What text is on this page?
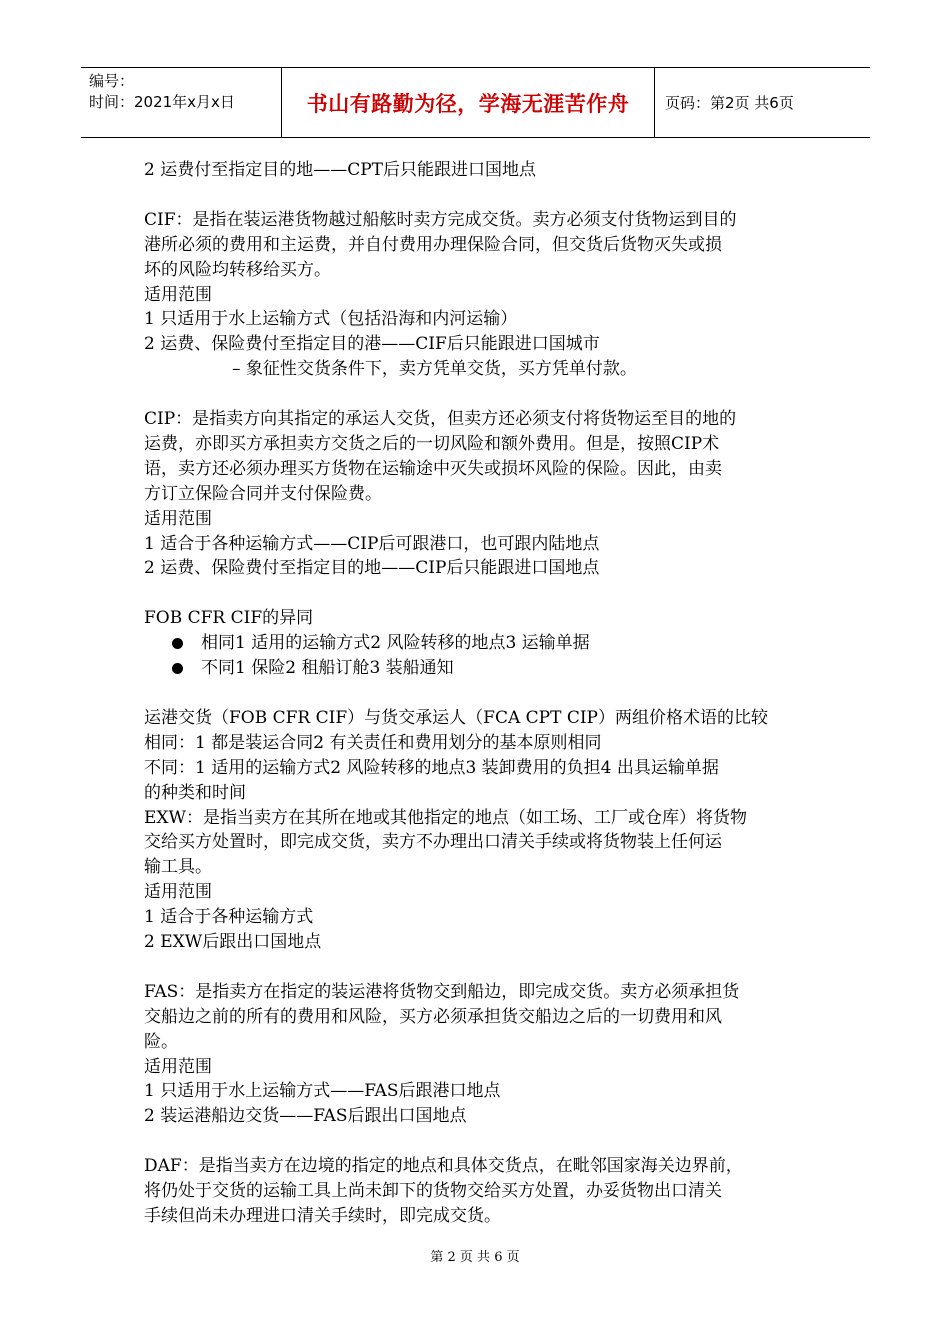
编号：
时间：2021年x月x日	书山有路勤为径，学海无涯苦作舟	页码：第2页 共6页

2 运费付至指定目的地——CPT后只能跟进口国地点

CIF：是指在装运港货物越过船舷时卖方完成交货。卖方必须支付货物运到目的

港所必须的费用和主运费，并自付费用办理保险合同，但交货后货物灭失或损

坏的风险均转移给买方。

适用范围

1 只适用于水上运输方式（包括沿海和内河运输）

2 运费、保险费付至指定目的港——CIF后只能跟进口国城市

– 象征性交货条件下，卖方凭单交货，买方凭单付款。

CIP：是指卖方向其指定的承运人交货，但卖方还必须支付将货物运至目的地的

运费，亦即买方承担卖方交货之后的一切风险和额外费用。但是，按照CIP术

语，卖方还必须办理买方货物在运输途中灭失或损坏风险的保险。因此，由卖

方订立保险合同并支付保险费。

适用范围

1 适合于各种运输方式——CIP后可跟港口，也可跟内陆地点

2 运费、保险费付至指定目的地——CIP后只能跟进口国地点

FOB CFR CIF的异同

相同1 适用的运输方式2 风险转移的地点3 运输单据
不同1 保险2 租船订舱3 装船通知

运港交货（FOB CFR CIF）与货交承运人（FCA CPT CIP）两组价格术语的比较

相同：1 都是装运合同2 有关责任和费用划分的基本原则相同

不同：1 适用的运输方式2 风险转移的地点3 装卸费用的负担4 出具运输单据

的种类和时间

EXW：是指当卖方在其所在地或其他指定的地点（如工场、工厂或仓库）将货物

交给买方处置时，即完成交货，卖方不办理出口清关手续或将货物装上任何运

输工具。

适用范围

1 适合于各种运输方式

2 EXW后跟出口国地点

FAS：是指卖方在指定的装运港将货物交到船边，即完成交货。卖方必须承担货

交船边之前的所有的费用和风险，买方必须承担货交船边之后的一切费用和风

险。

适用范围

1 只适用于水上运输方式——FAS后跟港口地点

2 装运港船边交货——FAS后跟出口国地点

DAF：是指当卖方在边境的指定的地点和具体交货点，在毗邻国家海关边界前，

将仍处于交货的运输工具上尚未卸下的货物交给买方处置，办妥货物出口清关

手续但尚未办理进口清关手续时，即完成交货。

第 2 页 共 6 页
